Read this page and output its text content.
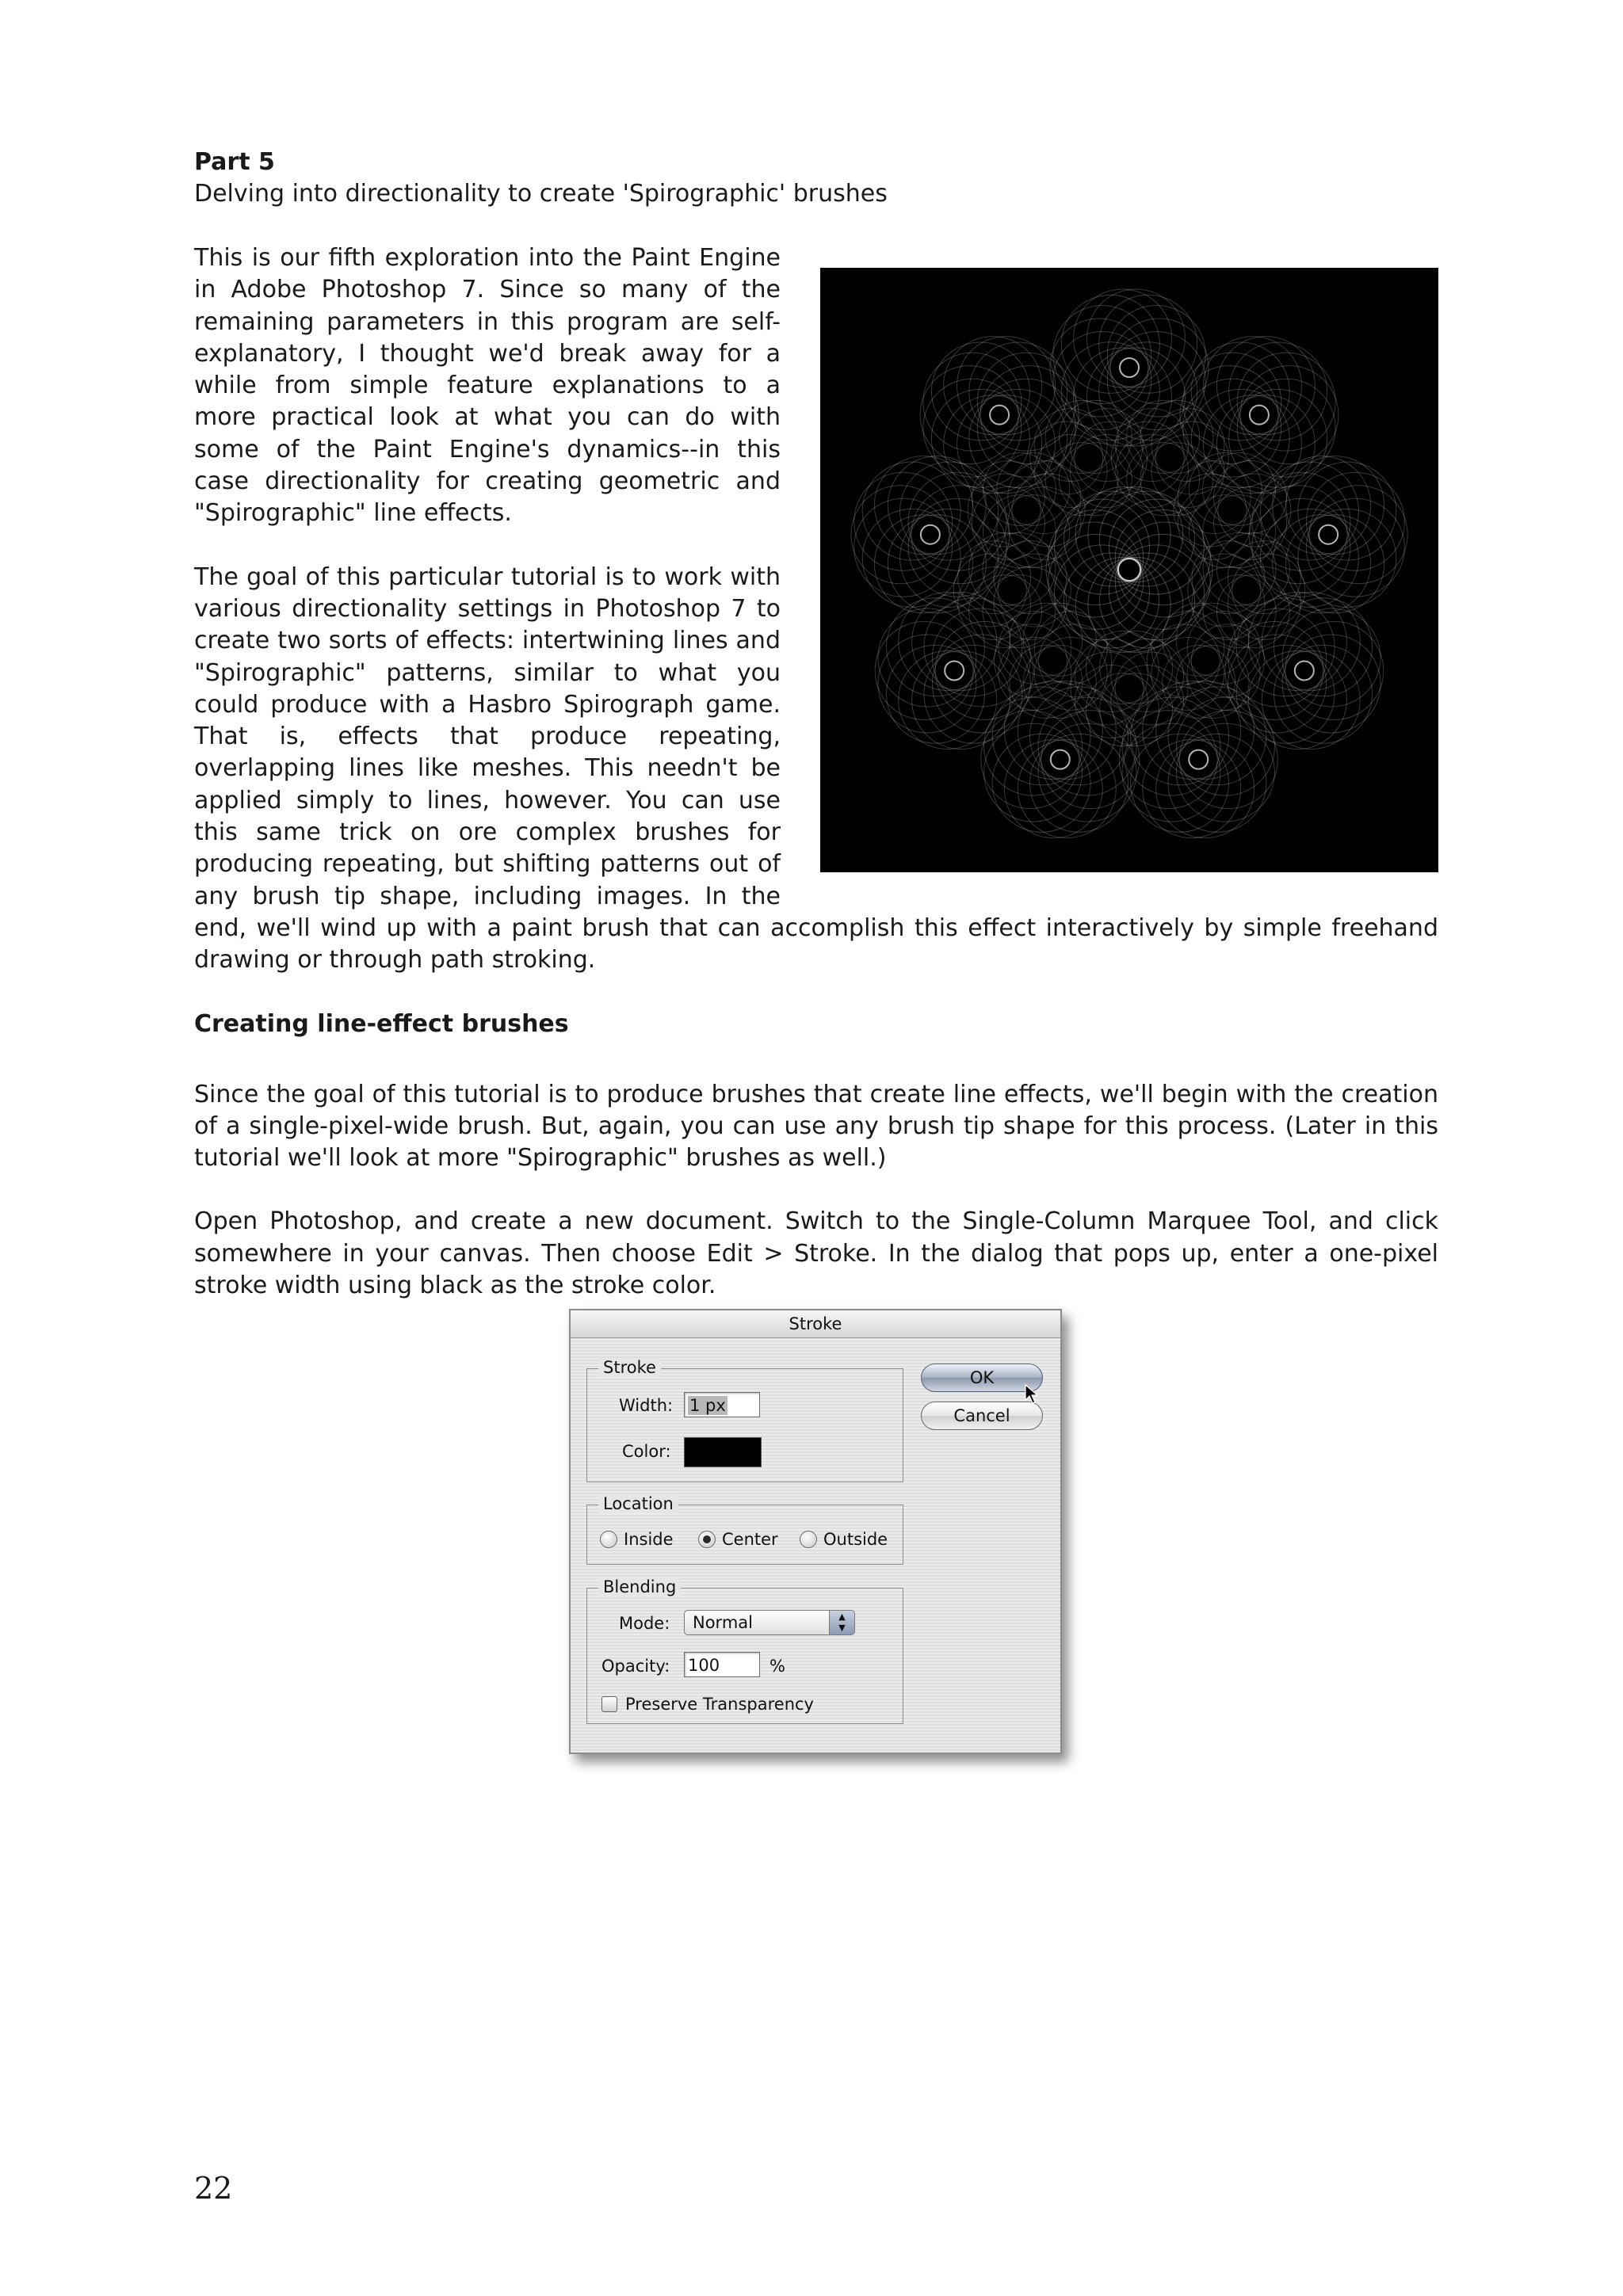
Part 5

Delving into directionality to create 'Spirographic' brushes

This is our fifth exploration into the Paint Engine in Adobe Photoshop 7. Since so many of the remaining parameters in this program are self-explanatory, I thought we'd break away for a while from simple feature explanations to a more practical look at what you can do with some of the Paint Engine's dynamics--in this case directionality for creating geometric and "Spirographic" line effects.

The goal of this particular tutorial is to work with various directionality settings in Photoshop 7 to create two sorts of effects: intertwining lines and "Spirographic" patterns, similar to what you could produce with a Hasbro Spirograph game. That is, effects that produce repeating, overlapping lines like meshes. This needn't be applied simply to lines, however. You can use this same trick on ore complex brushes for producing repeating, but shifting patterns out of any brush tip shape, including images. In the end, we'll wind up with a paint brush that can accomplish this effect interactively by simple freehand drawing or through path stroking.

Creating line-effect brushes

Since the goal of this tutorial is to produce brushes that create line effects, we'll begin with the creation of a single-pixel-wide brush. But, again, you can use any brush tip shape for this process. (Later in this tutorial we'll look at more "Spirographic" brushes as well.)

Open Photoshop, and create a new document. Switch to the Single-Column Marquee Tool, and click somewhere in your canvas. Then choose Edit > Stroke. In the dialog that pops up, enter a one-pixel stroke width using black as the stroke color.

Stroke
OK
Cancel
Stroke
Width: 1 px
Color:
Location
Inside	Center	Outside
Blending
Mode:	Normal	▲
▼
Opacity: 100	%
Preserve Transparency
22
